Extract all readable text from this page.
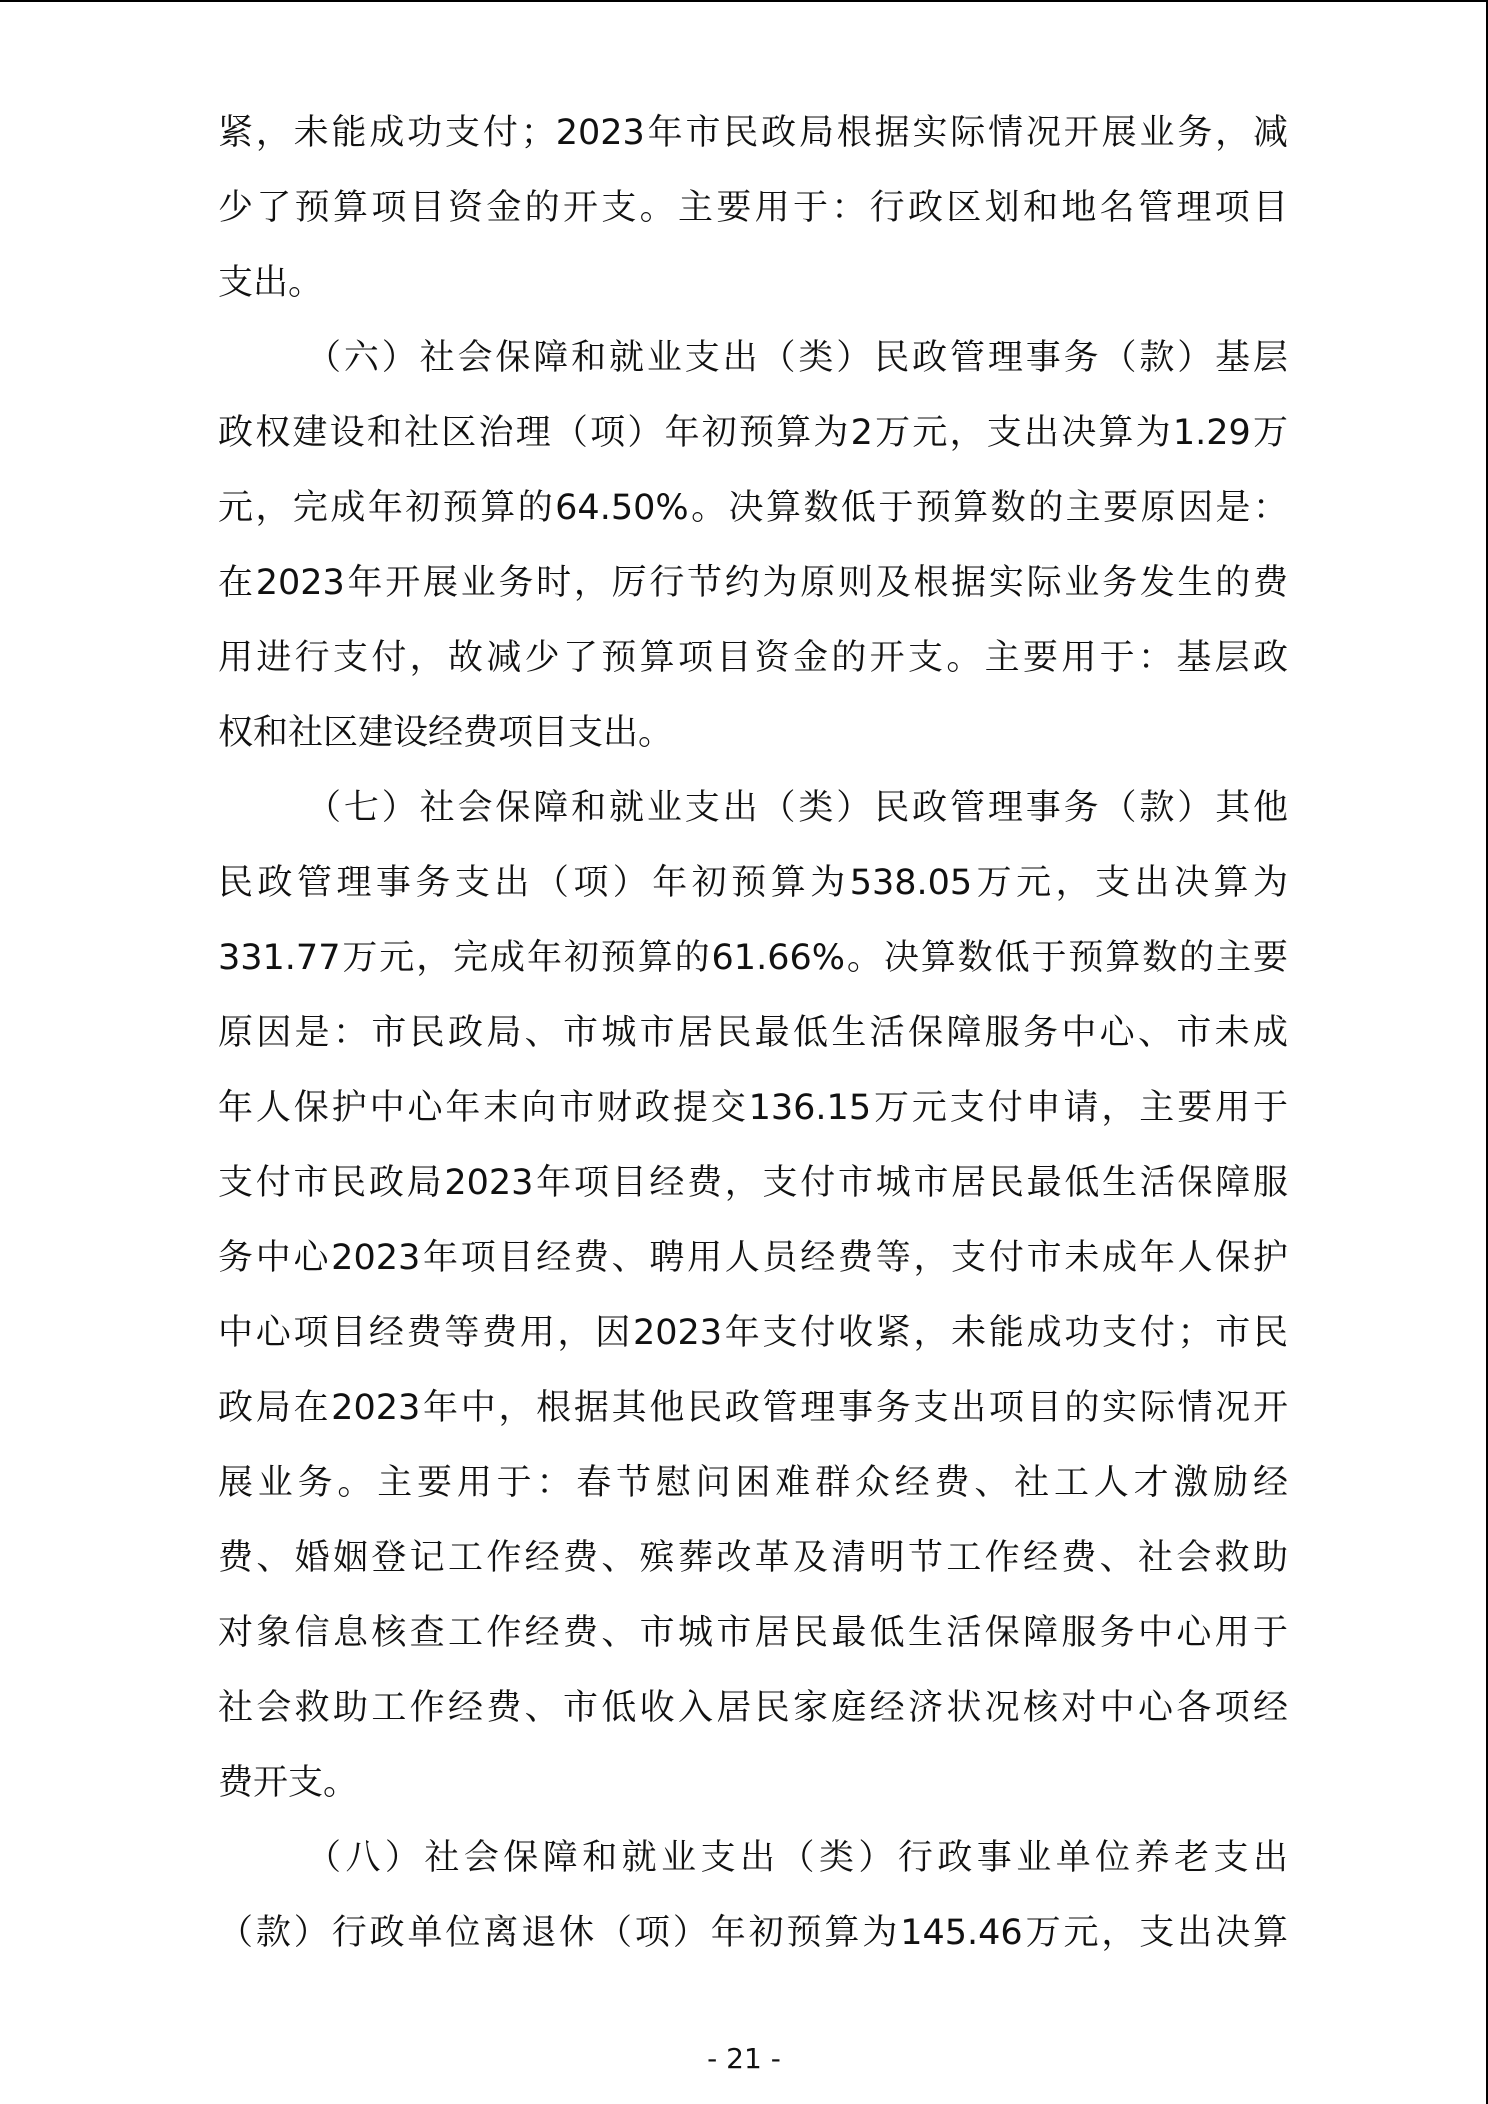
紧，未能成功支付；2023年市民政局根据实际情况开展业务，减
少了预算项目资金的开支。主要用于：行政区划和地名管理项目
支出。

（六）社会保障和就业支出（类）民政管理事务（款）基层
政权建设和社区治理（项）年初预算为2万元，支出决算为1.29万
元，完成年初预算的64.50%。决算数低于预算数的主要原因是：
在2023年开展业务时，厉行节约为原则及根据实际业务发生的费
用进行支付，故减少了预算项目资金的开支。主要用于：基层政
权和社区建设经费项目支出。

（七）社会保障和就业支出（类）民政管理事务（款）其他
民政管理事务支出（项）年初预算为538.05万元，支出决算为
331.77万元，完成年初预算的61.66%。决算数低于预算数的主要
原因是：市民政局、市城市居民最低生活保障服务中心、市未成
年人保护中心年末向市财政提交136.15万元支付申请，主要用于
支付市民政局2023年项目经费，支付市城市居民最低生活保障服
务中心2023年项目经费、聘用人员经费等，支付市未成年人保护
中心项目经费等费用，因2023年支付收紧，未能成功支付；市民
政局在2023年中，根据其他民政管理事务支出项目的实际情况开
展业务。主要用于：春节慰问困难群众经费、社工人才激励经
费、婚姻登记工作经费、殡葬改革及清明节工作经费、社会救助
对象信息核查工作经费、市城市居民最低生活保障服务中心用于
社会救助工作经费、市低收入居民家庭经济状况核对中心各项经
费开支。

（八）社会保障和就业支出（类）行政事业单位养老支出
（款）行政单位离退休（项）年初预算为145.46万元，支出决算

- 21 -
